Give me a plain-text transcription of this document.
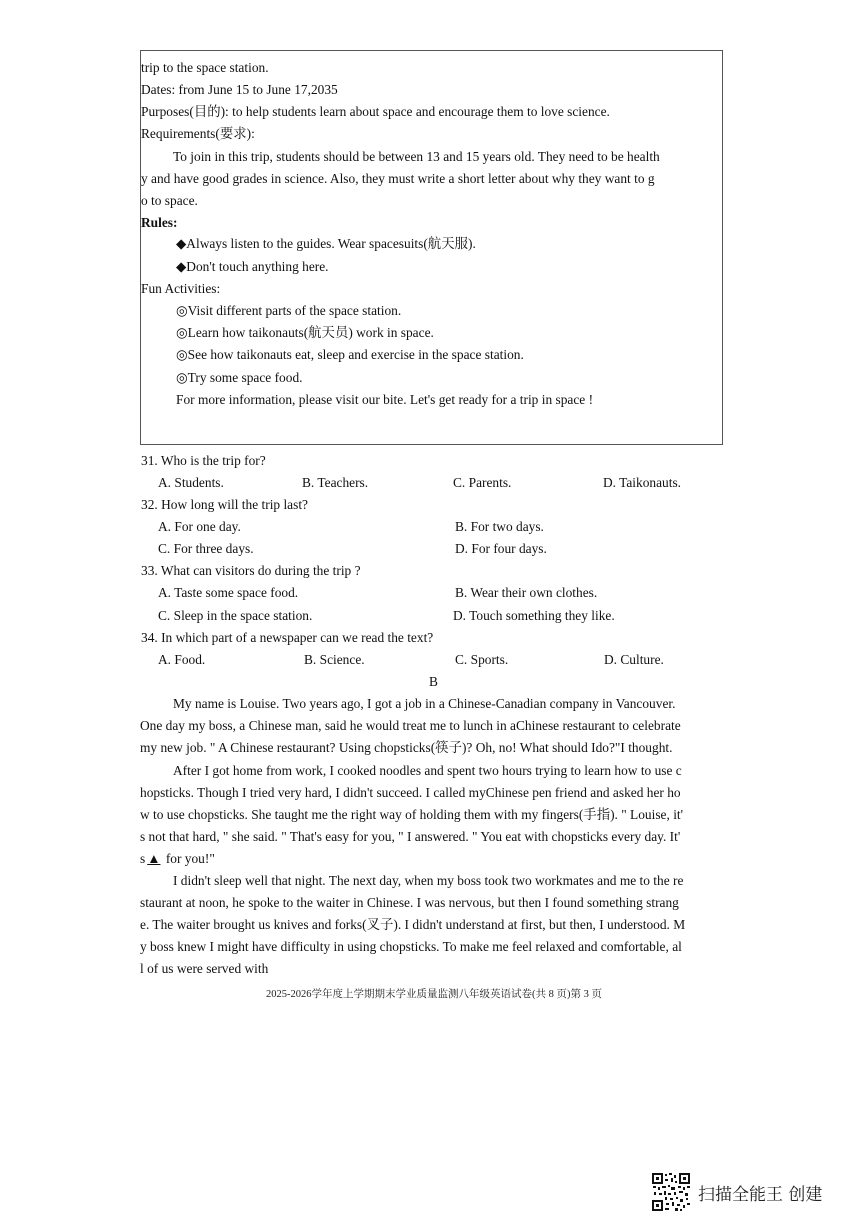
trip to the space station.
Dates: from June 15 to June 17,2035
Purposes(目的): to help students learn about space and encourage them to love science.
Requirements(要求):
To join in this trip, students should be between 13 and 15 years old. They need to be health
y and have good grades in science. Also, they must write a short letter about why they want to g
o to space.
Rules:
◆Always listen to the guides. Wear spacesuits(航天服).
◆Don't touch anything here.
Fun Activities:
◎Visit different parts of the space station.
◎Learn how taikonauts(航天员) work in space.
◎See how taikonauts eat, sleep and exercise in the space station.
◎Try some space food.
For more information, please visit our bite. Let's get ready for a trip in space !
31. Who is the trip for?
A. Students.	B. Teachers.	C. Parents.	D. Taikonauts.
32. How long will the trip last?
A. For one day.	B. For two days.
C. For three days.	D. For four days.
33. What can visitors do during the trip ?
A. Taste some space food.	B. Wear their own clothes.
C. Sleep in the space station.	D. Touch something they like.
34. In which part of a newspaper can we read the text?
A. Food.	B. Science.	C. Sports.	D. Culture.
B
My name is Louise. Two years ago, I got a job in a Chinese-Canadian company in Vancouver.
One day my boss, a Chinese man, said he would treat me to lunch in aChinese restaurant to celebrate
my new job. " A Chinese restaurant? Using chopsticks(筷子)? Oh, no! What should Ido?"I thought.
After I got home from work, I cooked noodles and spent two hours trying to learn how to use c
hopsticks. Though I tried very hard, I didn't succeed. I called myChinese pen friend and asked her ho
w to use chopsticks. She taught me the right way of holding them with my fingers(手指). " Louise, it'
s not that hard, " she said. " That's easy for you, " I answered. " You eat with chopsticks every day. It'
s ▲ for you!"
I didn't sleep well that night. The next day, when my boss took two workmates and me to the re
staurant at noon, he spoke to the waiter in Chinese. I was nervous, but then I found something strang
e. The waiter brought us knives and forks(叉子). I didn't understand at first, but then, I understood. M
y boss knew I might have difficulty in using chopsticks. To make me feel relaxed and comfortable, al
l of us were served with
2025-2026学年度上学期期末学业质量监测八年级英语试卷(共 8 页)第 3 页
扫描全能王 创建
